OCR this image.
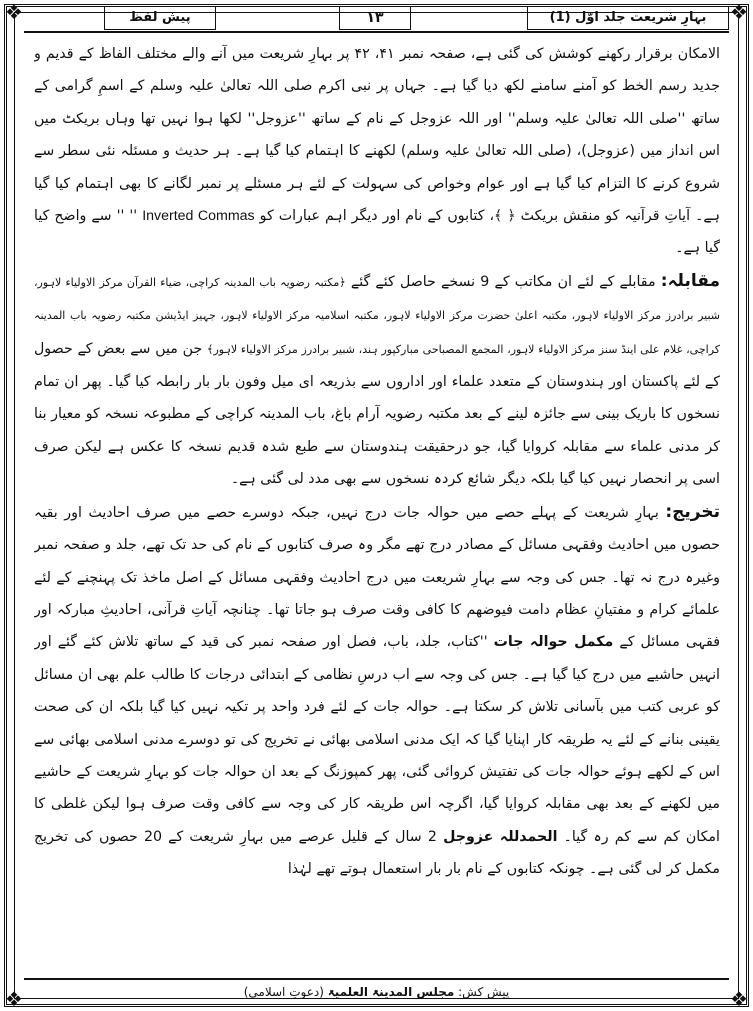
❖	❖
❖	❖
بہارِ شریعت جلد اوّل (1)
١٣
پیش لفظ

الامکان برقرار رکھنے کوشش کی گئی ہے، صفحہ نمبر ۴۱، ۴۲ پر بہارِ شریعت میں آنے والے مختلف الفاظ کے قدیم و جدید رسم الخط کو آمنے سامنے لکھ دیا گیا ہے۔ جہاں پر نبی اکرم صلی اللہ تعالیٰ علیہ وسلم کے اسمِ گرامی کے ساتھ ''صلی اللہ تعالیٰ علیہ وسلم'' اور اللہ عزوجل کے نام کے ساتھ ''عزوجل'' لکھا ہوا نہیں تھا وہاں بریکٹ میں اس انداز میں (عزوجل)، (صلی اللہ تعالیٰ علیہ وسلم) لکھنے کا اہتمام کیا گیا ہے۔ ہر حدیث و مسئلہ نئی سطر سے شروع کرنے کا التزام کیا گیا ہے اور عوام وخواص کی سہولت کے لئے ہر مسئلے پر نمبر لگانے کا بھی اہتمام کیا گیا ہے۔ آیاتِ قرآنیہ کو منقش بریکٹ ﴿ ﴾، کتابوں کے نام اور دیگر اہم عبارات کو Inverted Commas '' '' سے واضح کیا گیا ہے۔

مقابلہ: مقابلے کے لئے ان مکاتب کے 9 نسخے حاصل کئے گئے ﴿مکتبہ رضویہ باب المدینہ کراچی، ضیاء القرآن مرکز الاولیاء لاہور، شبیر برادرز مرکز الاولیاء لاہور، مکتبہ اعلیٰ حضرت مرکز الاولیاء لاہور، مکتبہ اسلامیہ مرکز الاولیاء لاہور، جہیز ایڈیشن مکتبہ رضویہ باب المدینہ کراچی، غلام علی اینڈ سنز مرکز الاولیاء لاہور، المجمع المصباحی مبارکپور ہند، شبیر برادرز مرکز الاولیاء لاہور﴾ جن میں سے بعض کے حصول کے لئے پاکستان اور ہندوستان کے متعدد علماء اور اداروں سے بذریعہ ای میل وفون بار بار رابطہ کیا گیا۔ پھر ان تمام نسخوں کا باریک بینی سے جائزہ لینے کے بعد مکتبہ رضویہ آرام باغ، باب المدینہ کراچی کے مطبوعہ نسخہ کو معیار بنا کر مدنی علماء سے مقابلہ کروایا گیا، جو درحقیقت ہندوستان سے طبع شدہ قدیم نسخہ کا عکس ہے لیکن صرف اسی پر انحصار نہیں کیا گیا بلکہ دیگر شائع کردہ نسخوں سے بھی مدد لی گئی ہے۔

تخریج: بہارِ شریعت کے پہلے حصے میں حوالہ جات درج نہیں، جبکہ دوسرے حصے میں صرف احادیث اور بقیہ حصوں میں احادیث وفقہی مسائل کے مصادر درج تھے مگر وہ صرف کتابوں کے نام کی حد تک تھے، جلد و صفحہ نمبر وغیرہ درج نہ تھا۔ جس کی وجہ سے بہارِ شریعت میں درج احادیث وفقہی مسائل کے اصل ماخذ تک پہنچنے کے لئے علمائے کرام و مفتیانِ عظام دامت فیوضھم کا کافی وقت صرف ہو جاتا تھا۔ چنانچہ آیاتِ قرآنی، احادیثِ مبارکہ اور فقہی مسائل کے مکمل حوالہ جات ''کتاب، جلد، باب، فصل اور صفحہ نمبر کی قید کے ساتھ تلاش کئے گئے اور انہیں حاشیے میں درج کیا گیا ہے۔ جس کی وجہ سے اب درسِ نظامی کے ابتدائی درجات کا طالب علم بھی ان مسائل کو عربی کتب میں بآسانی تلاش کر سکتا ہے۔ حوالہ جات کے لئے فرد واحد پر تکیہ نہیں کیا گیا بلکہ ان کی صحت یقینی بنانے کے لئے یہ طریقہ کار اپنایا گیا کہ ایک مدنی اسلامی بھائی نے تخریج کی تو دوسرے مدنی اسلامی بھائی سے اس کے لکھے ہوئے حوالہ جات کی تفتیش کروائی گئی، پھر کمپوزنگ کے بعد ان حوالہ جات کو بہارِ شریعت کے حاشیے میں لکھنے کے بعد بھی مقابلہ کروایا گیا، اگرچہ اس طریقہ کار کی وجہ سے کافی وقت صرف ہوا لیکن غلطی کا امکان کم سے کم رہ گیا۔ الحمدللہ عزوجل 2 سال کے قلیل عرصے میں بہارِ شریعت کے 20 حصوں کی تخریج مکمل کر لی گئی ہے۔ چونکہ کتابوں کے نام بار بار استعمال ہوتے تھے لہٰذا

پیش کش: مجلس المدینۃ العلمیۃ (دعوتِ اسلامی)
